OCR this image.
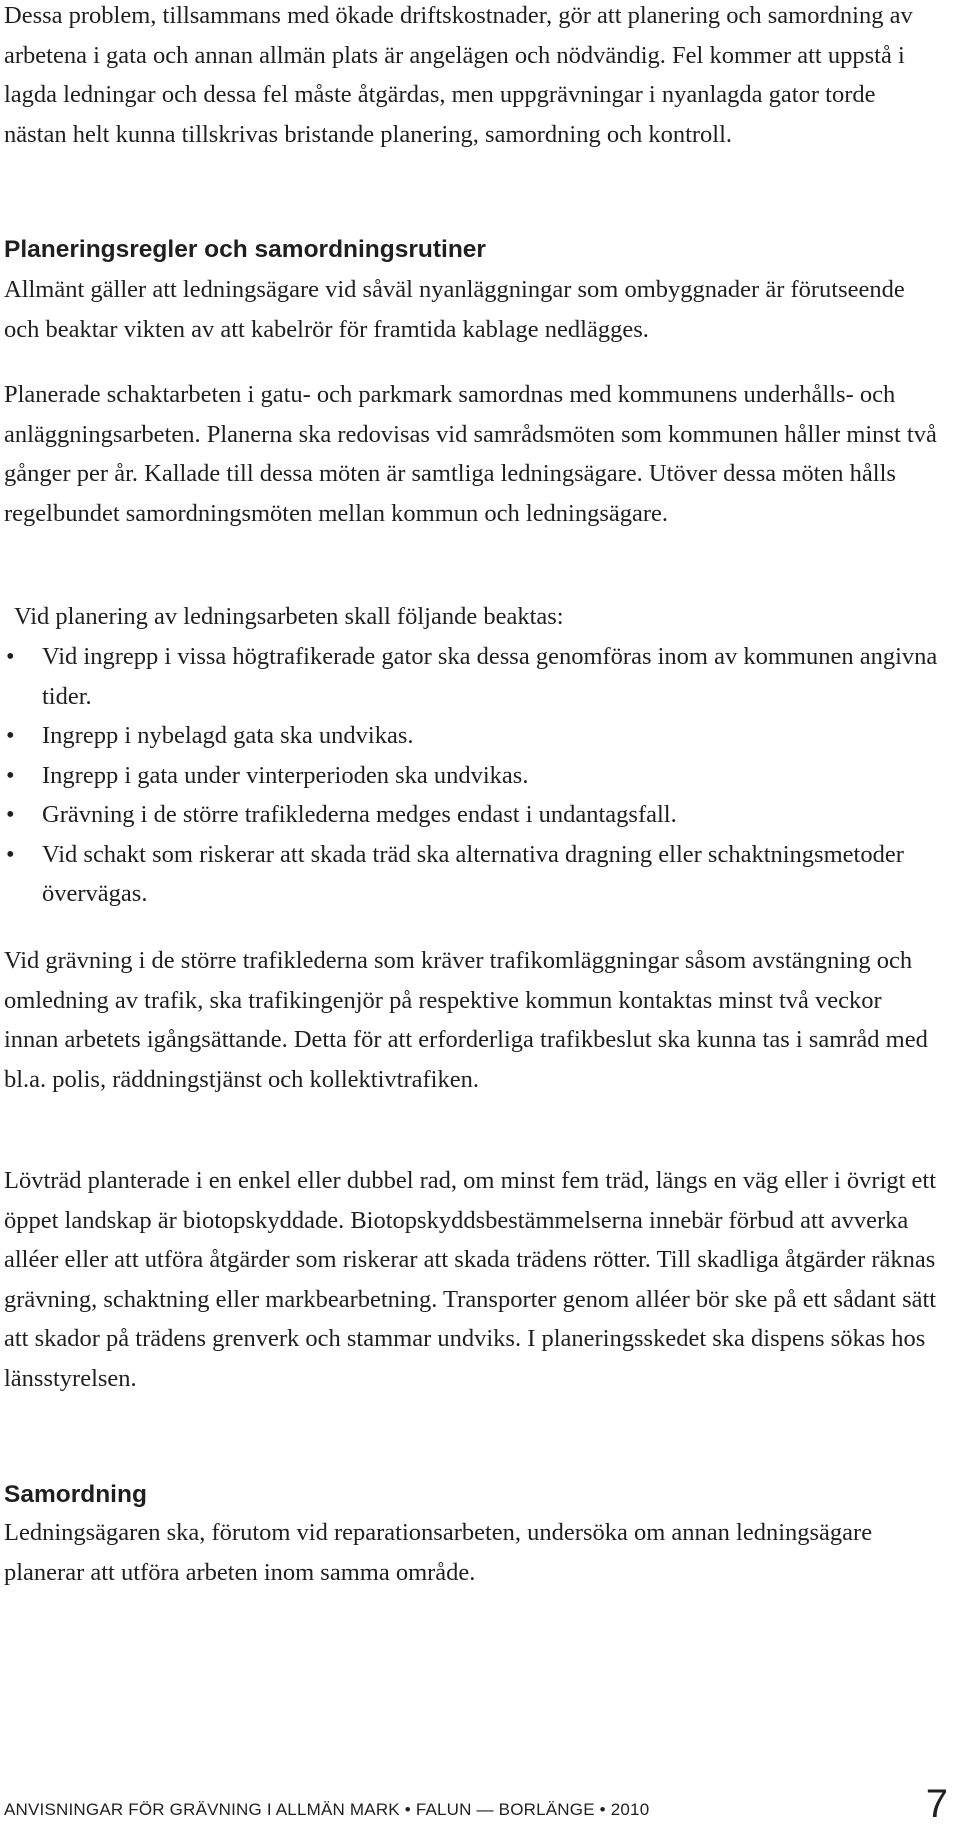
Dessa problem, tillsammans med ökade driftskostnader, gör att planering och samordning av arbetena i gata och annan allmän plats är angelägen och nödvändig. Fel kommer att uppstå i lagda ledningar och dessa fel måste åtgärdas, men uppgrävningar i nyanlagda gator torde nästan helt kunna tillskrivas bristande planering, samordning och kontroll.

Planeringsregler och samordningsrutiner

Allmänt gäller att ledningsägare vid såväl nyanläggningar som ombyggnader är förutseende och beaktar vikten av att kabelrör för framtida kablage nedlägges.

Planerade schaktarbeten i gatu- och parkmark samordnas med kommunens underhålls- och anläggningsarbeten. Planerna ska redovisas vid samrådsmöten som kommunen håller minst två gånger per år. Kallade till dessa möten är samtliga ledningsägare. Utöver dessa möten hålls regelbundet samordningsmöten mellan kommun och ledningsägare.

Vid planering av ledningsarbeten skall följande beaktas:

• Vid ingrepp i vissa högtrafikerade gator ska dessa genomföras inom av kommunen angivna tider.
• Ingrepp i nybelagd gata ska undvikas.
• Ingrepp i gata under vinterperioden ska undvikas.
• Grävning i de större trafiklederna medges endast i undantagsfall.
• Vid schakt som riskerar att skada träd ska alternativa dragning eller schaktningsmetoder övervägas.

Vid grävning i de större trafiklederna som kräver trafikomläggningar såsom avstängning och omledning av trafik, ska trafikingenjör på respektive kommun kontaktas minst två veckor innan arbetets igångsättande. Detta för att erforderliga trafikbeslut ska kunna tas i samråd med bl.a. polis, räddningstjänst och kollektivtrafiken.

Lövträd planterade i en enkel eller dubbel rad, om minst fem träd, längs en väg eller i övrigt ett öppet landskap är biotopskyddade. Biotopskyddsbestämmelserna innebär förbud att avverka alléer eller att utföra åtgärder som riskerar att skada trädens rötter. Till skadliga åtgärder räknas grävning, schaktning eller markbearbetning. Transporter genom alléer bör ske på ett sådant sätt att skador på trädens grenverk och stammar undviks. I planeringsskedet ska dispens sökas hos länsstyrelsen.

Samordning

Ledningsägaren ska, förutom vid reparationsarbeten, undersöka om annan ledningsägare planerar att utföra arbeten inom samma område.

ANVISNINGAR FÖR GRÄVNING I ALLMÄN MARK • FALUN — BORLÄNGE • 2010	7
